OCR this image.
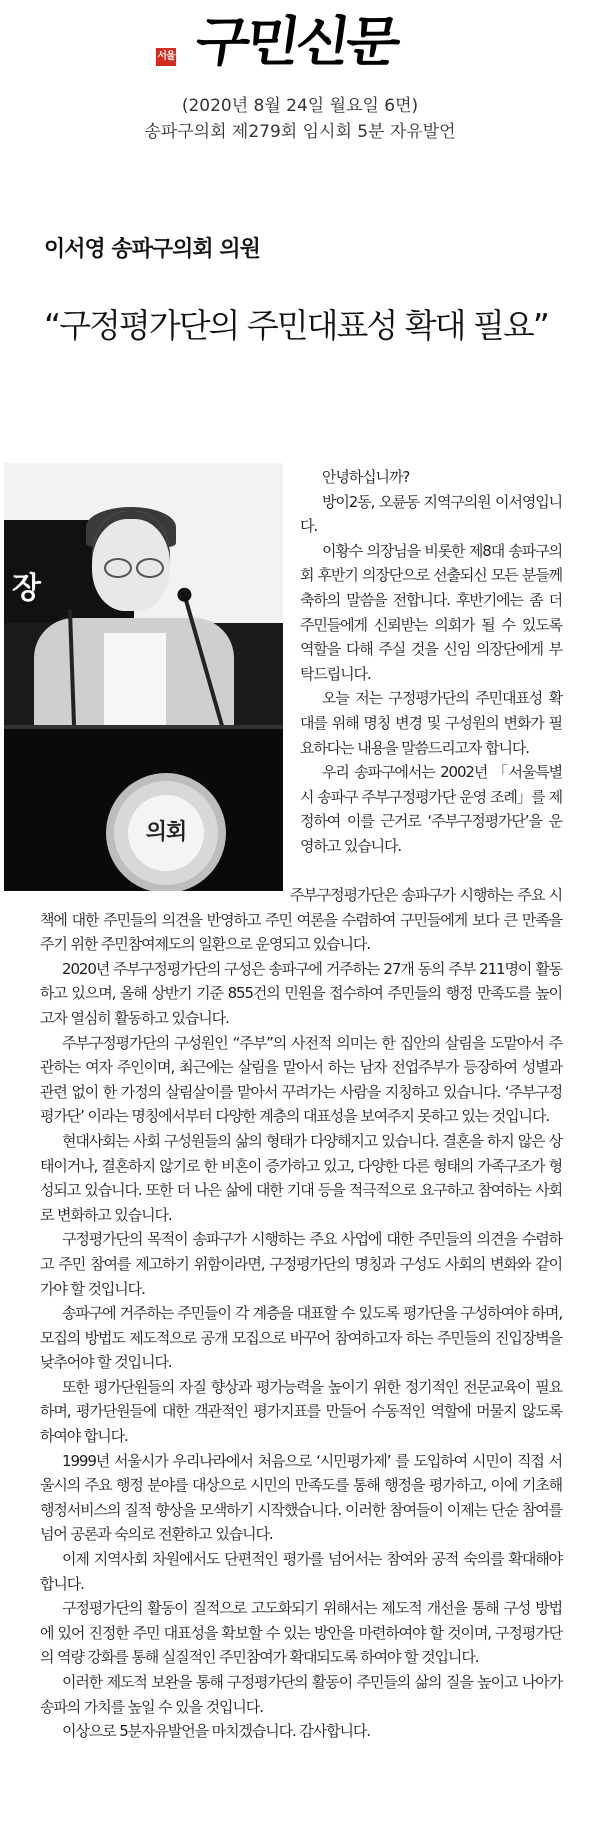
서울 구민신문
(2020년 8월 24일 월요일 6면)
송파구의회 제279회 임시회 5분 자유발언
이서영 송파구의회 의원
“구정평가단의 주민대표성 확대 필요”
장
의회

안녕하십니까?

방이2동, 오륜동 지역구의원 이서영입니다.

이황수 의장님을 비롯한 제8대 송파구의회 후반기 의장단으로 선출되신 모든 분들께 축하의 말씀을 전합니다. 후반기에는 좀 더 주민들에게 신뢰받는 의회가 될 수 있도록 역할을 다해 주실 것을 신임 의장단에게 부탁드립니다.

오늘 저는 구정평가단의 주민대표성 확대를 위해 명칭 변경 및 구성원의 변화가 필요하다는 내용을 말씀드리고자 합니다.

우리 송파구에서는 2002년 「서울특별시 송파구 주부구정평가단 운영 조례」를 제정하여 이를 근거로 ‘주부구정평가단’을 운영하고 있습니다.

주부구정평가단은 송파구가 시행하는 주요 시책에 대한 주민들의 의견을 반영하고 주민 여론을 수렴하여 구민들에게 보다 큰 만족을 주기 위한 주민참여제도의 일환으로 운영되고 있습니다.

2020년 주부구정평가단의 구성은 송파구에 거주하는 27개 동의 주부 211명이 활동하고 있으며, 올해 상반기 기준 855건의 민원을 접수하여 주민들의 행정 만족도를 높이고자 열심히 활동하고 있습니다.

주부구정평가단의 구성원인 “주부”의 사전적 의미는 한 집안의 살림을 도맡아서 주관하는 여자 주인이며, 최근에는 살림을 맡아서 하는 남자 전업주부가 등장하여 성별과 관련 없이 한 가정의 살림살이를 맡아서 꾸려가는 사람을 지칭하고 있습니다. ‘주부구정평가단’ 이라는 명칭에서부터 다양한 계층의 대표성을 보여주지 못하고 있는 것입니다.

현대사회는 사회 구성원들의 삶의 형태가 다양해지고 있습니다. 결혼을 하지 않은 상태이거나, 결혼하지 않기로 한 비혼이 증가하고 있고, 다양한 다른 형태의 가족구조가 형성되고 있습니다. 또한 더 나은 삶에 대한 기대 등을 적극적으로 요구하고 참여하는 사회로 변화하고 있습니다.

구정평가단의 목적이 송파구가 시행하는 주요 사업에 대한 주민들의 의견을 수렴하고 주민 참여를 제고하기 위함이라면, 구정평가단의 명칭과 구성도 사회의 변화와 같이 가야 할 것입니다.

송파구에 거주하는 주민들이 각 계층을 대표할 수 있도록 평가단을 구성하여야 하며, 모집의 방법도 제도적으로 공개 모집으로 바꾸어 참여하고자 하는 주민들의 진입장벽을 낮추어야 할 것입니다.

또한 평가단원들의 자질 향상과 평가능력을 높이기 위한 정기적인 전문교육이 필요하며, 평가단원들에 대한 객관적인 평가지표를 만들어 수동적인 역할에 머물지 않도록 하여야 합니다.

1999년 서울시가 우리나라에서 처음으로 ‘시민평가제’ 를 도입하여 시민이 직접 서울시의 주요 행정 분야를 대상으로 시민의 만족도를 통해 행정을 평가하고, 이에 기초해 행정서비스의 질적 향상을 모색하기 시작했습니다. 이러한 참여들이 이제는 단순 참여를 넘어 공론과 숙의로 전환하고 있습니다.

이제 지역사회 차원에서도 단편적인 평가를 넘어서는 참여와 공적 숙의를 확대해야 합니다.

구정평가단의 활동이 질적으로 고도화되기 위해서는 제도적 개선을 통해 구성 방법에 있어 진정한 주민 대표성을 확보할 수 있는 방안을 마련하여야 할 것이며, 구정평가단의 역량 강화를 통해 실질적인 주민참여가 확대되도록 하여야 할 것입니다.

이러한 제도적 보완을 통해 구정평가단의 활동이 주민들의 삶의 질을 높이고 나아가 송파의 가치를 높일 수 있을 것입니다.

이상으로 5분자유발언을 마치겠습니다. 감사합니다.
